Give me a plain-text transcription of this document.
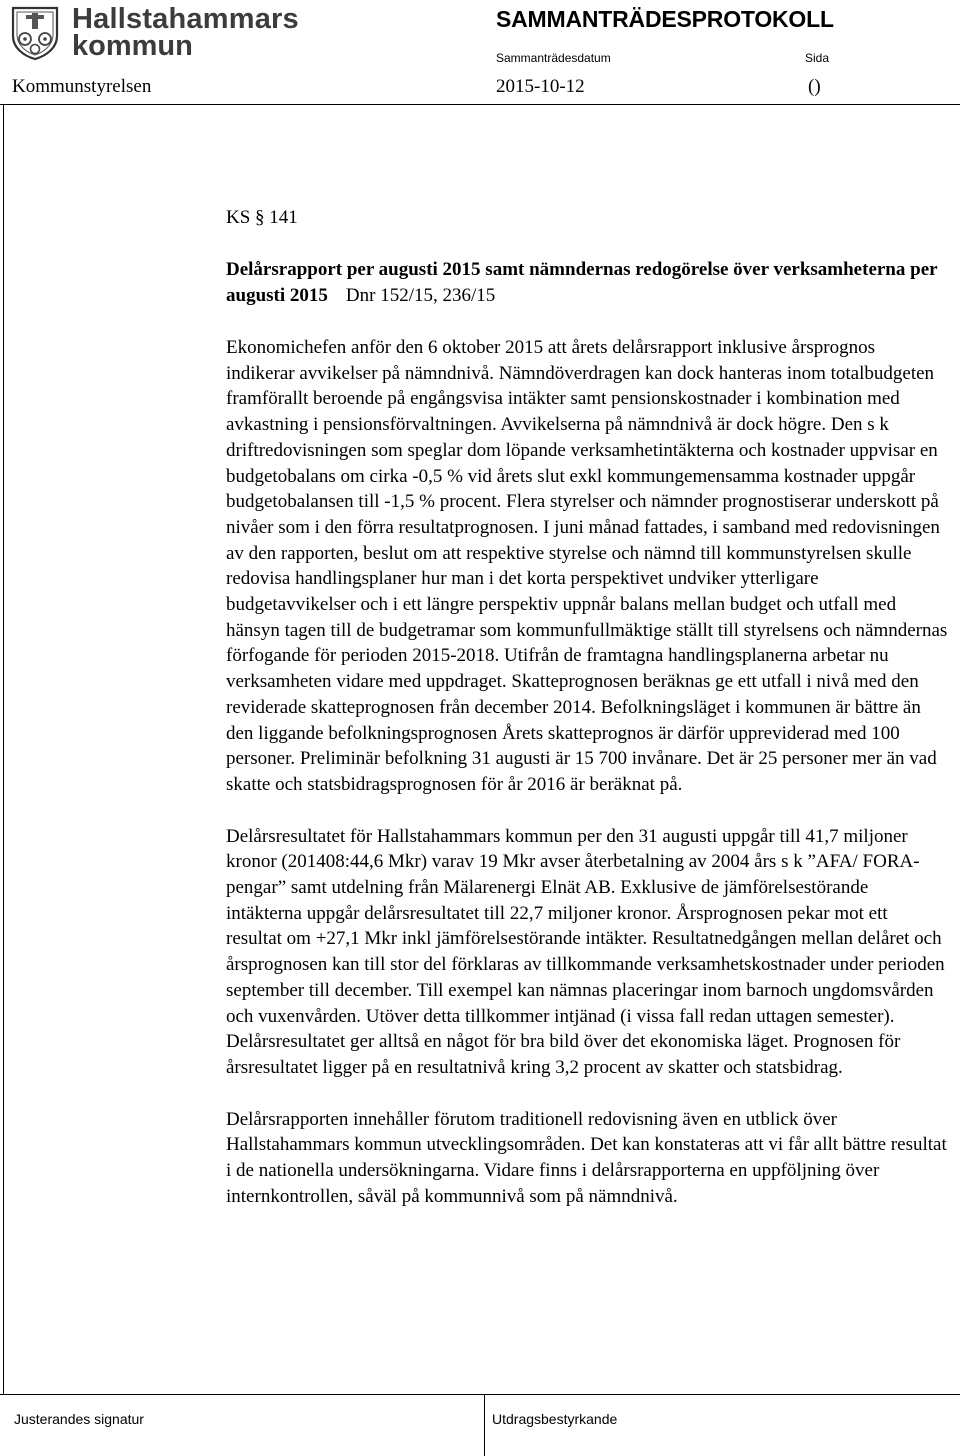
Hallstahammars
kommun
SAMMANTRÄDESPROTOKOLL
Sammanträdesdatum	Sida
Kommunstyrelsen	2015-10-12	()
KS § 141
Delårsrapport per augusti 2015 samt nämndernas redogörelse över verksamheterna per augusti 2015 Dnr 152/15, 236/15

Ekonomichefen anför den 6 oktober 2015 att årets delårsrapport inklusive årsprognos indikerar avvikelser på nämndnivå. Nämndöverdragen kan dock hanteras inom totalbudgeten framförallt beroende på engångsvisa intäkter samt pensionskostnader i kombination med avkastning i pensionsförvaltningen. Avvikelserna på nämndnivå är dock högre. Den s k driftredovisningen som speglar dom löpande verksamhetintäkterna och kostnader uppvisar en budgetobalans om cirka -0,5 % vid årets slut exkl kommungemensamma kostnader uppgår budgetobalansen till -1,5 % procent. Flera styrelser och nämnder prognostiserar underskott på nivåer som i den förra resultatprognosen. I juni månad fattades, i samband med redovisningen av den rapporten, beslut om att respektive styrelse och nämnd till kommunstyrelsen skulle redovisa handlingsplaner hur man i det korta perspektivet undviker ytterligare budgetavvikelser och i ett längre perspektiv uppnår balans mellan budget och utfall med hänsyn tagen till de budgetramar som kommunfullmäktige ställt till styrelsens och nämndernas förfogande för perioden 2015-2018. Utifrån de framtagna handlingsplanerna arbetar nu verksamheten vidare med uppdraget. Skatteprognosen beräknas ge ett utfall i nivå med den reviderade skatteprognosen från december 2014. Befolkningsläget i kommunen är bättre än den liggande befolkningsprognosen Årets skatteprognos är därför uppreviderad med 100 personer. Preliminär befolkning 31 augusti är 15 700 invånare. Det är 25 personer mer än vad skatte och statsbidragsprognosen för år 2016 är beräknat på.

Delårsresultatet för Hallstahammars kommun per den 31 augusti uppgår till 41,7 miljoner kronor (201408:44,6 Mkr) varav 19 Mkr avser återbetalning av 2004 års s k ”AFA/ FORA-pengar” samt utdelning från Mälarenergi Elnät AB. Exklusive de jämförelsestörande intäkterna uppgår delårsresultatet till 22,7 miljoner kronor. Årsprognosen pekar mot ett resultat om +27,1 Mkr inkl jämförelsestörande intäkter. Resultatnedgången mellan delåret och årsprognosen kan till stor del förklaras av tillkommande verksamhetskostnader under perioden september till december. Till exempel kan nämnas placeringar inom barnoch ungdomsvården och vuxenvården. Utöver detta tillkommer intjänad (i vissa fall redan uttagen semester). Delårsresultatet ger alltså en något för bra bild över det ekonomiska läget. Prognosen för årsresultatet ligger på en resultatnivå kring 3,2 procent av skatter och statsbidrag.

Delårsrapporten innehåller förutom traditionell redovisning även en utblick över Hallstahammars kommun utvecklingsområden. Det kan konstateras att vi får allt bättre resultat i de nationella undersökningarna. Vidare finns i delårsrapporterna en uppföljning över internkontrollen, såväl på kommunnivå som på nämndnivå.

Justerandes signatur	Utdragsbestyrkande
